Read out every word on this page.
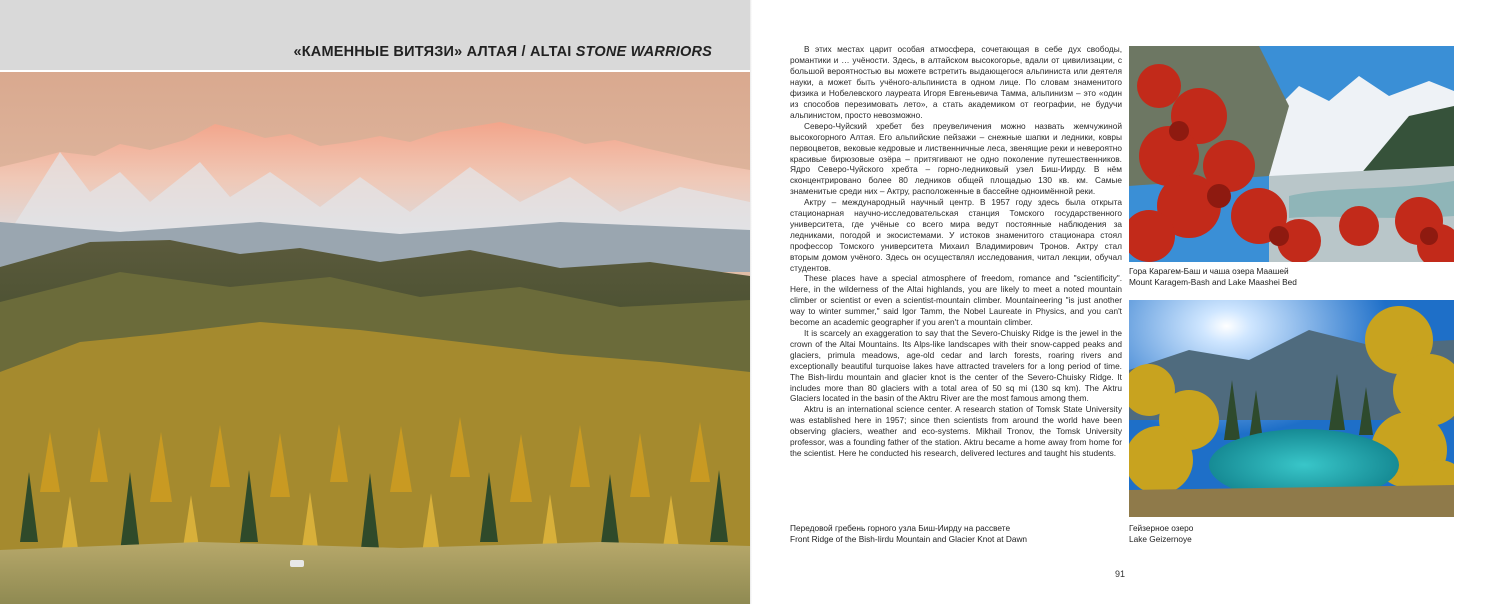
«КАМЕННЫЕ ВИТЯЗИ» АЛТАЯ / ALTAI STONE WARRIORS	В этих местах царит особая атмосфера, сочетающая в себе дух свободы, романтики и … учёности. Здесь, в алтайском высокогорье, вдали от цивилизации, с большой вероятностью вы можете встретить выдающегося альпиниста или деятеля науки, а может быть учёного-альпиниста в одном лице. По словам знаменитого физика и Нобелевского лауреата Игоря Евгеньевича Тамма, альпинизм – это «один из способов перезимовать лето», а стать академиком от географии, не будучи альпинистом, просто невозможно.

Северо-Чуйский хребет без преувеличения можно назвать жемчужиной высокогорного Алтая. Его альпийские пейзажи – снежные шапки и ледники, ковры первоцветов, вековые кедровые и лиственничные леса, звенящие реки и невероятно красивые бирюзовые озёра – притягивают не одно поколение путешественников. Ядро Северо-Чуйского хребта – горно-ледниковый узел Биш-Иирду. В нём сконцентрировано более 80 ледников общей площадью 130 кв. км. Самые знаменитые среди них – Актру, расположенные в бассейне одноимённой реки.

Актру – международный научный центр. В 1957 году здесь была открыта стационарная научно-исследовательская станция Томского государственного университета, где учёные со всего мира ведут постоянные наблюдения за ледниками, погодой и экосистемами. У истоков знаменитого стационара стоял профессор Томского университета Михаил Владимирович Тронов. Актру стал вторым домом учёного. Здесь он осуществлял исследования, читал лекции, обучал студентов.

These places have a special atmosphere of freedom, romance and "scientificity". Here, in the wilderness of the Altai highlands, you are likely to meet a noted mountain climber or scientist or even a scientist-mountain climber. Mountaineering "is just another way to winter summer," said Igor Tamm, the Nobel Laureate in Physics, and you can't become an academic geographer if you aren't a mountain climber.

It is scarcely an exaggeration to say that the Severo-Chuisky Ridge is the jewel in the crown of the Altai Mountains. Its Alps-like landscapes with their snow-capped peaks and glaciers, primula meadows, age-old cedar and larch forests, roaring rivers and exceptionally beautiful turquoise lakes have attracted travelers for a long period of time. The Bish-Iirdu mountain and glacier knot is the center of the Severo-Chuisky Ridge. It includes more than 80 glaciers with a total area of 50 sq mi (130 sq km). The Aktru Glaciers located in the basin of the Aktru River are the most famous among them.

Aktru is an international science center. A research station of Tomsk State University was established here in 1957; since then scientists from around the world have been observing glaciers, weather and eco-systems. Mikhail Tronov, the Tomsk University professor, was a founding father of the station. Aktru became a home away from home for the scientist. Here he conducted his research, delivered lectures and taught his students.

Гора Карагем-Баш и чаша озера Маашей
Mount Karagem-Bash and Lake Maashei Bed
Гейзерное озеро
Lake Geizernoye
Передовой гребень горного узла Биш-Иирду на рассвете
Front Ridge of the Bish-Iirdu Mountain and Glacier Knot at Dawn
91
